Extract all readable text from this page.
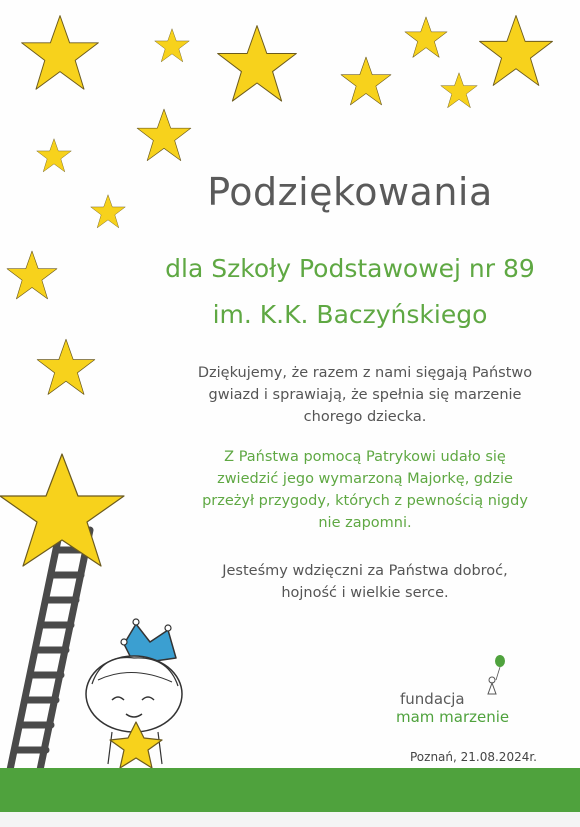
Podziękowania
dla Szkoły Podstawowej nr 89
im. K.K. Baczyńskiego
Dziękujemy, że razem z nami sięgają Państwo
gwiazd i sprawiają, że spełnia się marzenie
chorego dziecka.
Z Państwa pomocą Patrykowi udało się
zwiedzić jego wymarzoną Majorkę, gdzie
przeżył przygody, których z pewnością nigdy
nie zapomni.
Jesteśmy wdzięczni za Państwa dobroć,
hojność i wielkie serce.
fundacja
mam marzenie
Poznań, 21.08.2024r.
